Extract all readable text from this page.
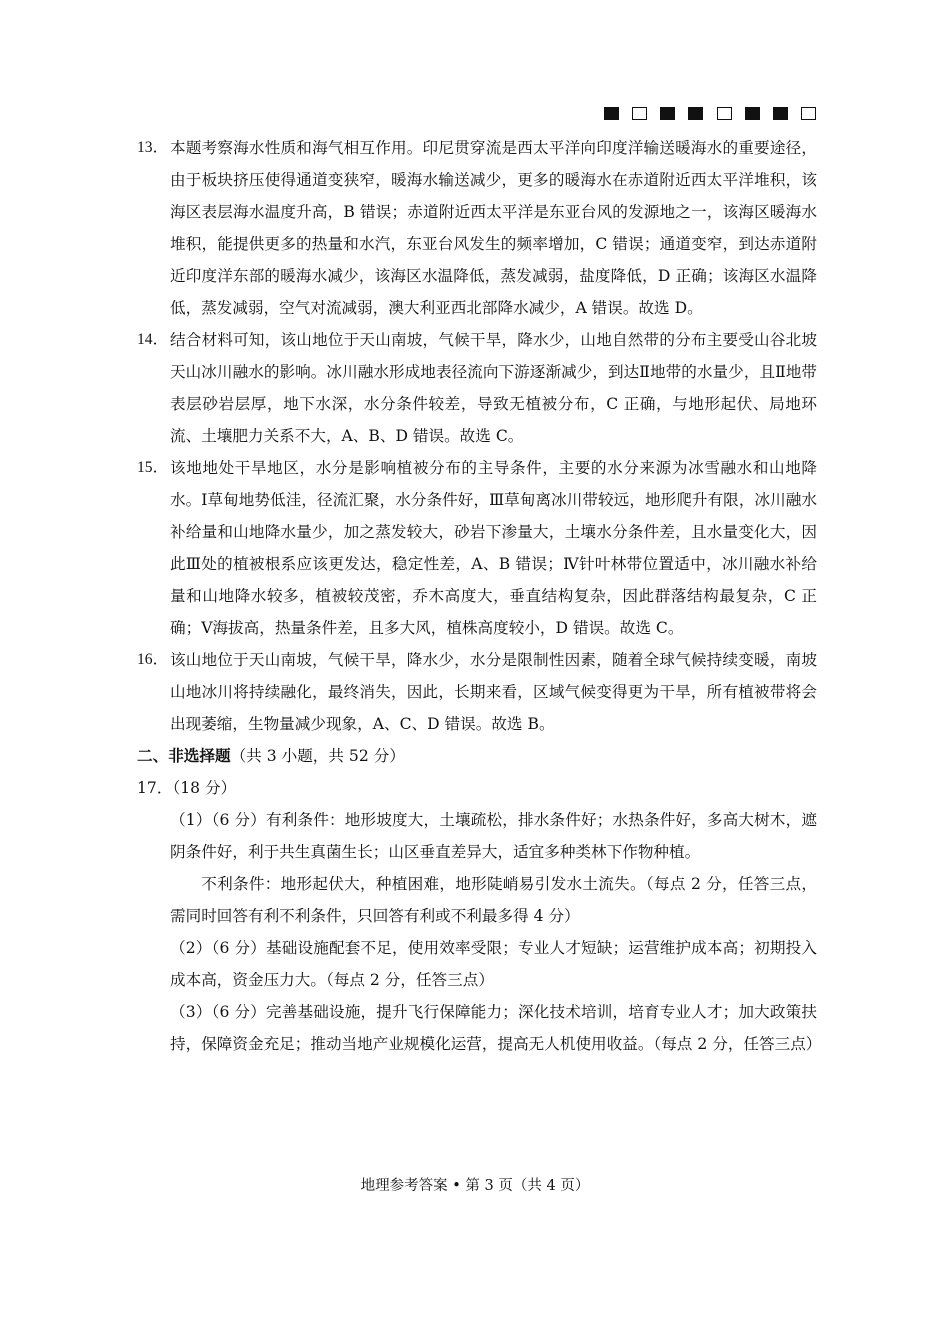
13． 本题考察海水性质和海气相互作用。印尼贯穿流是西太平洋向印度洋输送暖海水的重要途径，由于板块挤压使得通道变狭窄，暖海水输送减少，更多的暖海水在赤道附近西太平洋堆积，该海区表层海水温度升高，B 错误；赤道附近西太平洋是东亚台风的发源地之一，该海区暖海水堆积，能提供更多的热量和水汽，东亚台风发生的频率增加，C 错误；通道变窄，到达赤道附近印度洋东部的暖海水减少，该海区水温降低，蒸发减弱，盐度降低，D 正确；该海区水温降低，蒸发减弱，空气对流减弱，澳大利亚西北部降水减少，A 错误。故选 D。
14． 结合材料可知，该山地位于天山南坡，气候干旱，降水少，山地自然带的分布主要受山谷北坡天山冰川融水的影响。冰川融水形成地表径流向下游逐渐减少，到达Ⅱ地带的水量少，且Ⅱ地带表层砂岩层厚，地下水深，水分条件较差，导致无植被分布，C 正确，与地形起伏、局地环流、土壤肥力关系不大，A、B、D 错误。故选 C。
15． 该地地处干旱地区，水分是影响植被分布的主导条件，主要的水分来源为冰雪融水和山地降水。Ⅰ草甸地势低洼，径流汇聚，水分条件好，Ⅲ草甸离冰川带较远，地形爬升有限，冰川融水补给量和山地降水量少，加之蒸发较大，砂岩下渗量大，土壤水分条件差，且水量变化大，因此Ⅲ处的植被根系应该更发达，稳定性差，A、B 错误；Ⅳ针叶林带位置适中，冰川融水补给量和山地降水较多，植被较茂密，乔木高度大，垂直结构复杂，因此群落结构最复杂，C 正确；Ⅴ海拔高，热量条件差，且多大风，植株高度较小，D 错误。故选 C。
16． 该山地位于天山南坡，气候干旱，降水少，水分是限制性因素，随着全球气候持续变暖，南坡山地冰川将持续融化，最终消失，因此，长期来看，区域气候变得更为干旱，所有植被带将会出现萎缩，生物量减少现象，A、C、D 错误。故选 B。

二、非选择题（共 3 小题，共 52 分）

17．（18 分）

（1）（6 分）有利条件：地形坡度大，土壤疏松，排水条件好；水热条件好，多高大树木，遮阴条件好，利于共生真菌生长；山区垂直差异大，适宜多种类林下作物种植。

不利条件：地形起伏大，种植困难，地形陡峭易引发水土流失。（每点 2 分，任答三点，需同时回答有利不利条件，只回答有利或不利最多得 4 分）

（2）（6 分）基础设施配套不足，使用效率受限；专业人才短缺；运营维护成本高；初期投入成本高，资金压力大。（每点 2 分，任答三点）

（3）（6 分）完善基础设施，提升飞行保障能力；深化技术培训，培育专业人才；加大政策扶持，保障资金充足；推动当地产业规模化运营，提高无人机使用收益。（每点 2 分，任答三点）

地理参考答案 • 第 3 页（共 4 页）
